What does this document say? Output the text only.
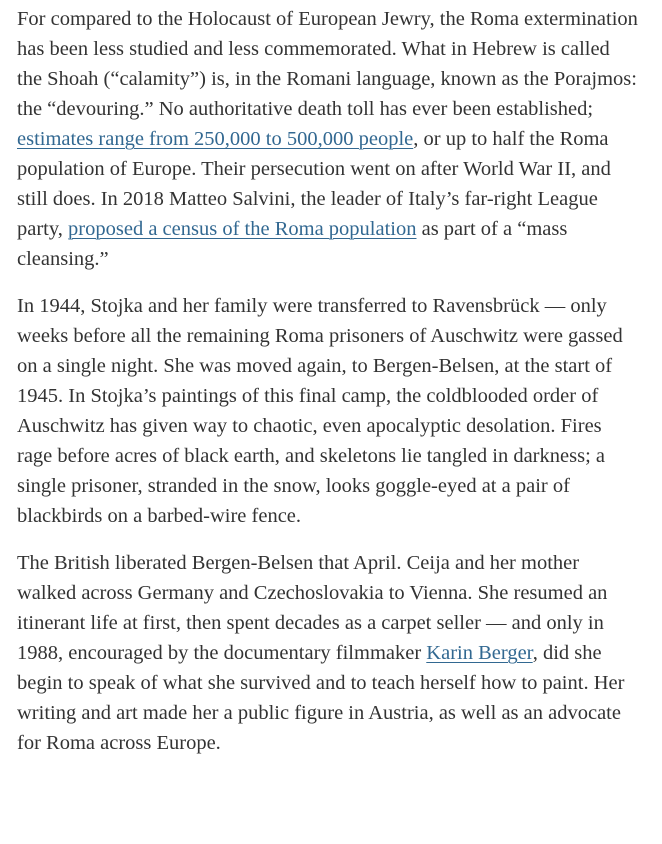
For compared to the Holocaust of European Jewry, the Roma extermination has been less studied and less commemorated. What in Hebrew is called the Shoah (“calamity”) is, in the Romani language, known as the Porajmos: the “devouring.” No authoritative death toll has ever been established; estimates range from 250,000 to 500,000 people, or up to half the Roma population of Europe. Their persecution went on after World War II, and still does. In 2018 Matteo Salvini, the leader of Italy’s far-right League party, proposed a census of the Roma population as part of a “mass cleansing.”

In 1944, Stojka and her family were transferred to Ravensbrück — only weeks before all the remaining Roma prisoners of Auschwitz were gassed on a single night. She was moved again, to Bergen-Belsen, at the start of 1945. In Stojka’s paintings of this final camp, the coldblooded order of Auschwitz has given way to chaotic, even apocalyptic desolation. Fires rage before acres of black earth, and skeletons lie tangled in darkness; a single prisoner, stranded in the snow, looks goggle-eyed at a pair of blackbirds on a barbed-wire fence.

The British liberated Bergen-Belsen that April. Ceija and her mother walked across Germany and Czechoslovakia to Vienna. She resumed an itinerant life at first, then spent decades as a carpet seller — and only in 1988, encouraged by the documentary filmmaker Karin Berger, did she begin to speak of what she survived and to teach herself how to paint. Her writing and art made her a public figure in Austria, as well as an advocate for Roma across Europe.
